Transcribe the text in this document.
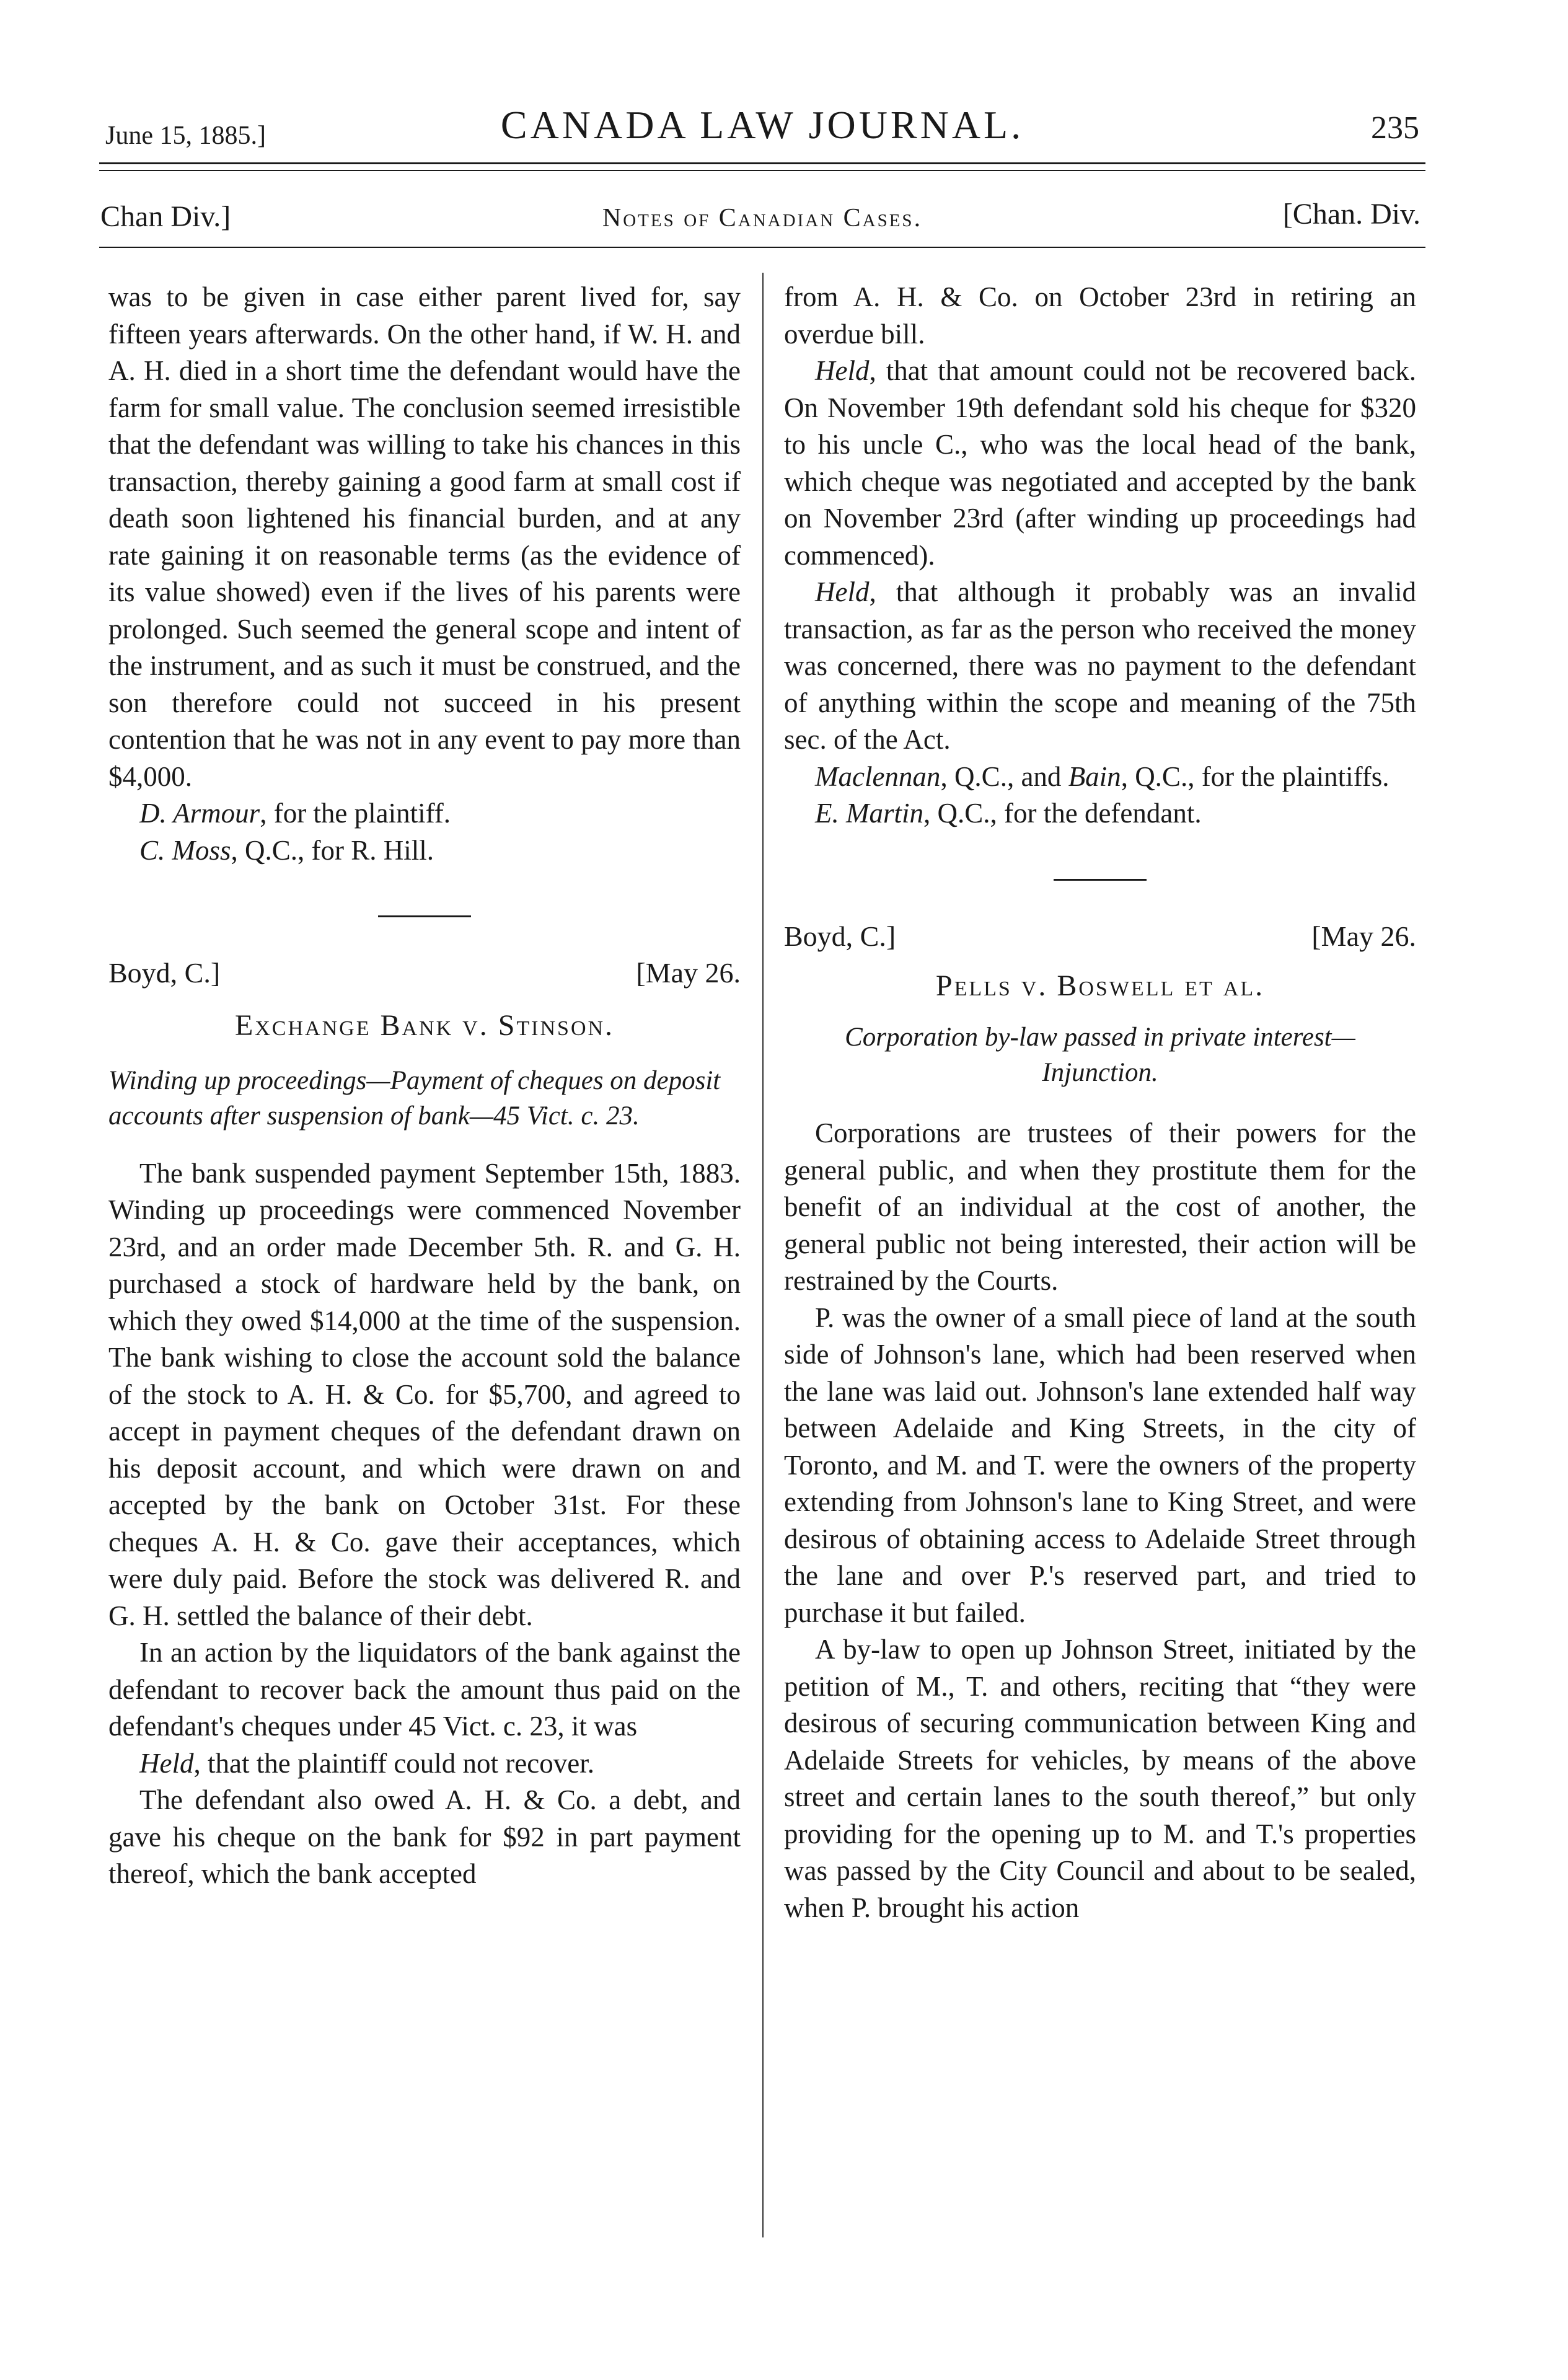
June 15, 1885.]	CANADA LAW JOURNAL.	235
Chan Div.]	Notes of Canadian Cases.	[Chan. Div.

was to be given in case either parent lived for, say fifteen years afterwards. On the other hand, if W. H. and A. H. died in a short time the defendant would have the farm for small value. The conclusion seemed irresistible that the defendant was willing to take his chances in this transaction, thereby gaining a good farm at small cost if death soon lightened his financial burden, and at any rate gaining it on reasonable terms (as the evidence of its value showed) even if the lives of his parents were prolonged. Such seemed the general scope and intent of the instrument, and as such it must be construed, and the son therefore could not succeed in his present contention that he was not in any event to pay more than $4,000.

D. Armour, for the plaintiff.

C. Moss, Q.C., for R. Hill.

Boyd, C.]	[May 26.
Exchange Bank v. Stinson.
Winding up proceedings—Payment of cheques on deposit accounts after suspension of bank—45 Vict. c. 23.

The bank suspended payment September 15th, 1883. Winding up proceedings were commenced November 23rd, and an order made December 5th. R. and G. H. purchased a stock of hardware held by the bank, on which they owed $14,000 at the time of the suspension. The bank wishing to close the account sold the balance of the stock to A. H. & Co. for $5,700, and agreed to accept in payment cheques of the defendant drawn on his deposit account, and which were drawn on and accepted by the bank on October 31st. For these cheques A. H. & Co. gave their acceptances, which were duly paid. Before the stock was delivered R. and G. H. settled the balance of their debt.

In an action by the liquidators of the bank against the defendant to recover back the amount thus paid on the defendant's cheques under 45 Vict. c. 23, it was

Held, that the plaintiff could not recover.

The defendant also owed A. H. & Co. a debt, and gave his cheque on the bank for $92 in part payment thereof, which the bank accepted

from A. H. & Co. on October 23rd in retiring an overdue bill.

Held, that that amount could not be recovered back. On November 19th defendant sold his cheque for $320 to his uncle C., who was the local head of the bank, which cheque was negotiated and accepted by the bank on November 23rd (after winding up proceedings had commenced).

Held, that although it probably was an invalid transaction, as far as the person who received the money was concerned, there was no payment to the defendant of anything within the scope and meaning of the 75th sec. of the Act.

Maclennan, Q.C., and Bain, Q.C., for the plaintiffs.

E. Martin, Q.C., for the defendant.

Boyd, C.]	[May 26.
Pells v. Boswell et al.
Corporation by-law passed in private interest—Injunction.

Corporations are trustees of their powers for the general public, and when they prostitute them for the benefit of an individual at the cost of another, the general public not being interested, their action will be restrained by the Courts.

P. was the owner of a small piece of land at the south side of Johnson's lane, which had been reserved when the lane was laid out. Johnson's lane extended half way between Adelaide and King Streets, in the city of Toronto, and M. and T. were the owners of the property extending from Johnson's lane to King Street, and were desirous of obtaining access to Adelaide Street through the lane and over P.'s reserved part, and tried to purchase it but failed.

A by-law to open up Johnson Street, initiated by the petition of M., T. and others, reciting that “they were desirous of securing communication between King and Adelaide Streets for vehicles, by means of the above street and certain lanes to the south thereof,” but only providing for the opening up to M. and T.'s properties was passed by the City Council and about to be sealed, when P. brought his action
